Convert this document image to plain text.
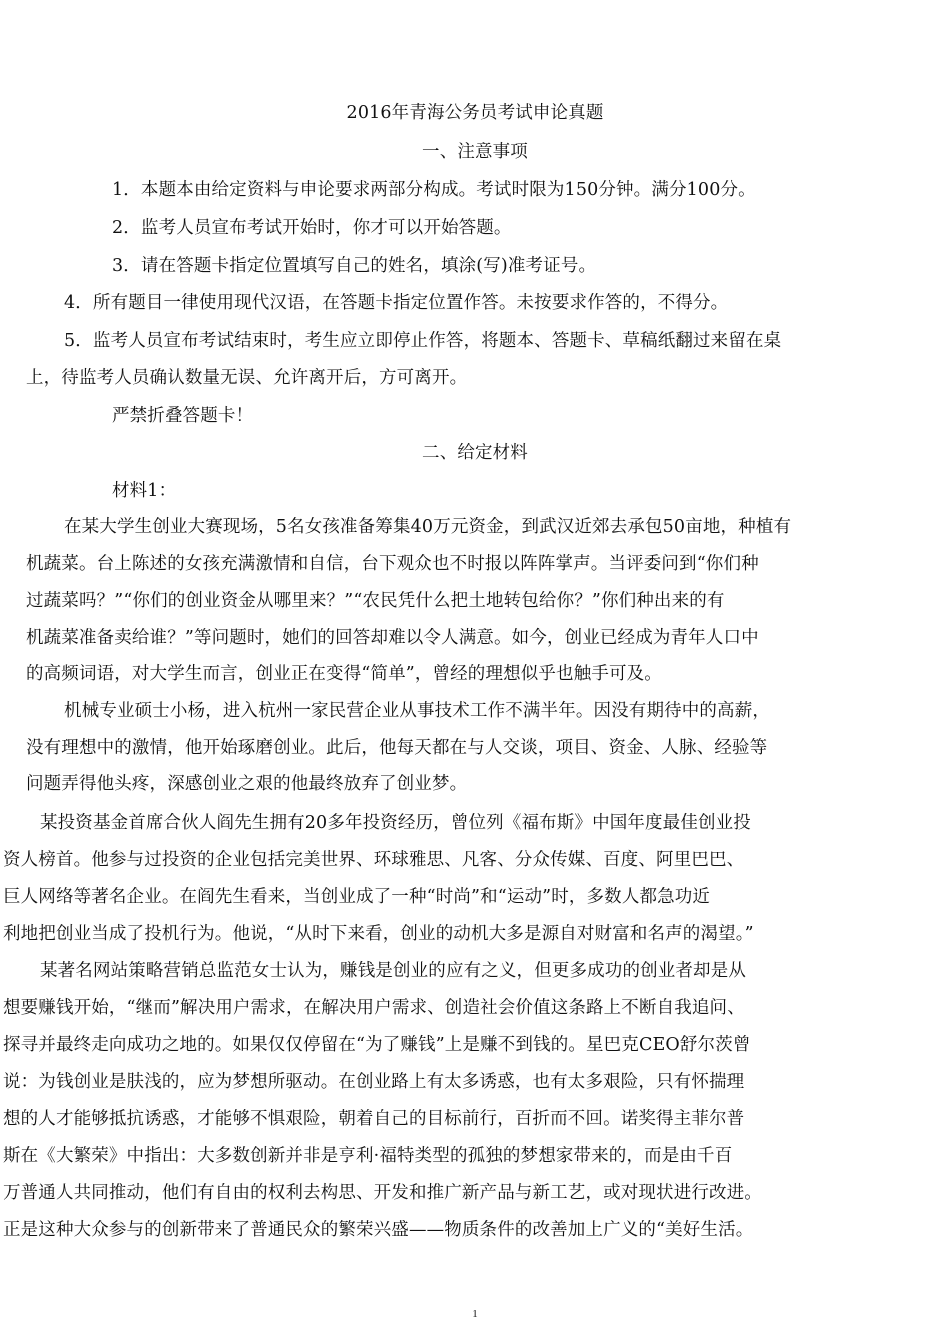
2016年青海公务员考试申论真题

一、注意事项

1．本题本由给定资料与申论要求两部分构成。考试时限为150分钟。满分100分。

2．监考人员宣布考试开始时，你才可以开始答题。

3．请在答题卡指定位置填写自己的姓名，填涂(写)准考证号。

4．所有题目一律使用现代汉语，在答题卡指定位置作答。未按要求作答的，不得分。

5．监考人员宣布考试结束时，考生应立即停止作答，将题本、答题卡、草稿纸翻过来留在桌

上，待监考人员确认数量无误、允许离开后，方可离开。

严禁折叠答题卡！

二、给定材料

材料1：

在某大学生创业大赛现场，5名女孩准备筹集40万元资金，到武汉近郊去承包50亩地，种植有

机蔬菜。台上陈述的女孩充满激情和自信，台下观众也不时报以阵阵掌声。当评委问到“你们种

过蔬菜吗？”“你们的创业资金从哪里来？”“农民凭什么把土地转包给你？”你们种出来的有

机蔬菜准备卖给谁？”等问题时，她们的回答却难以令人满意。如今，创业已经成为青年人口中

的高频词语，对大学生而言，创业正在变得“简单”，曾经的理想似乎也触手可及。

机械专业硕士小杨，进入杭州一家民营企业从事技术工作不满半年。因没有期待中的高薪，

没有理想中的激情，他开始琢磨创业。此后，他每天都在与人交谈，项目、资金、人脉、经验等

问题弄得他头疼，深感创业之艰的他最终放弃了创业梦。

某投资基金首席合伙人阎先生拥有20多年投资经历，曾位列《福布斯》中国年度最佳创业投

资人榜首。他参与过投资的企业包括完美世界、环球雅思、凡客、分众传媒、百度、阿里巴巴、

巨人网络等著名企业。在阎先生看来，当创业成了一种“时尚”和“运动”时，多数人都急功近

利地把创业当成了投机行为。他说，“从时下来看，创业的动机大多是源自对财富和名声的渴望。”

某著名网站策略营销总监范女士认为，赚钱是创业的应有之义，但更多成功的创业者却是从

想要赚钱开始，“继而”解决用户需求，在解决用户需求、创造社会价值这条路上不断自我追问、

探寻并最终走向成功之地的。如果仅仅停留在“为了赚钱”上是赚不到钱的。星巴克CEO舒尔茨曾

说：为钱创业是肤浅的，应为梦想所驱动。在创业路上有太多诱惑，也有太多艰险，只有怀揣理

想的人才能够抵抗诱惑，才能够不惧艰险，朝着自己的目标前行，百折而不回。诺奖得主菲尔普

斯在《大繁荣》中指出：大多数创新并非是亨利·福特类型的孤独的梦想家带来的，而是由千百

万普通人共同推动，他们有自由的权利去构思、开发和推广新产品与新工艺，或对现状进行改进。

正是这种大众参与的创新带来了普通民众的繁荣兴盛——物质条件的改善加上广义的“美好生活。

1
